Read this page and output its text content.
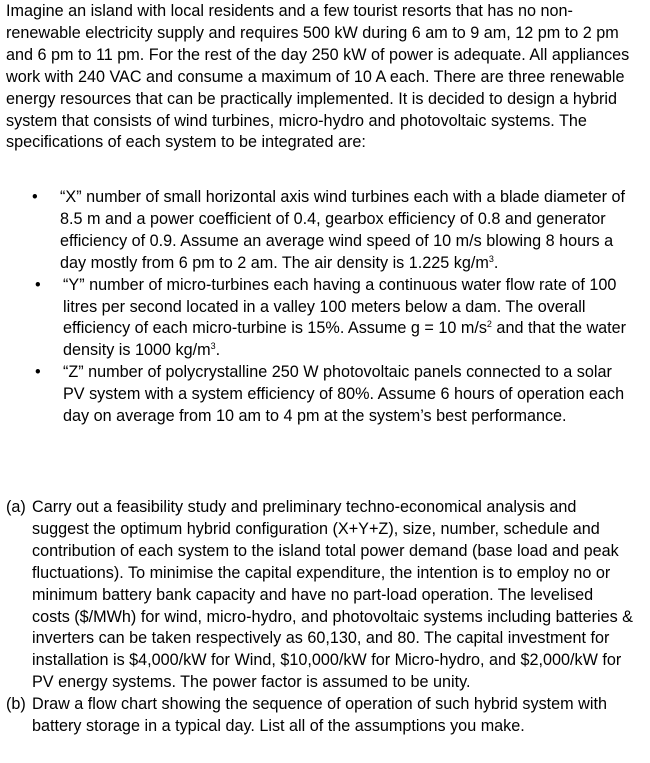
Imagine an island with local residents and a few tourist resorts that has no non-renewable electricity supply and requires 500 kW during 6 am to 9 am, 12 pm to 2 pm and 6 pm to 11 pm. For the rest of the day 250 kW of power is adequate. All appliances work with 240 VAC and consume a maximum of 10 A each. There are three renewable energy resources that can be practically implemented. It is decided to design a hybrid system that consists of wind turbines, micro-hydro and photovoltaic systems. The specifications of each system to be integrated are:

• “X” number of small horizontal axis wind turbines each with a blade diameter of 8.5 m and a power coefficient of 0.4, gearbox efficiency of 0.8 and generator efficiency of 0.9. Assume an average wind speed of 10 m/s blowing 8 hours a day mostly from 6 pm to 2 am. The air density is 1.225 $kg/m^3$.
• “Y” number of micro-turbines each having a continuous water flow rate of 100 litres per second located in a valley 100 meters below a dam. The overall efficiency of each micro-turbine is 15%. Assume g = 10 $m/s^2$ and that the water density is 1000 $kg/m^3$.
• “Z” number of polycrystalline 250 W photovoltaic panels connected to a solar PV system with a system efficiency of 80%. Assume 6 hours of operation each day on average from 10 am to 4 pm at the system’s best performance.
(a) Carry out a feasibility study and preliminary techno-economical analysis and suggest the optimum hybrid configuration (X+Y+Z), size, number, schedule and contribution of each system to the island total power demand (base load and peak fluctuations). To minimise the capital expenditure, the intention is to employ no or minimum battery bank capacity and have no part-load operation. The levelised costs ($/MWh) for wind, micro-hydro, and photovoltaic systems including batteries & inverters can be taken respectively as 60,130, and 80. The capital investment for installation is $4,000/kW for Wind, $10,000/kW for Micro-hydro, and $2,000/kW for PV energy systems. The power factor is assumed to be unity.
(b) Draw a flow chart showing the sequence of operation of such hybrid system with battery storage in a typical day. List all of the assumptions you make.
